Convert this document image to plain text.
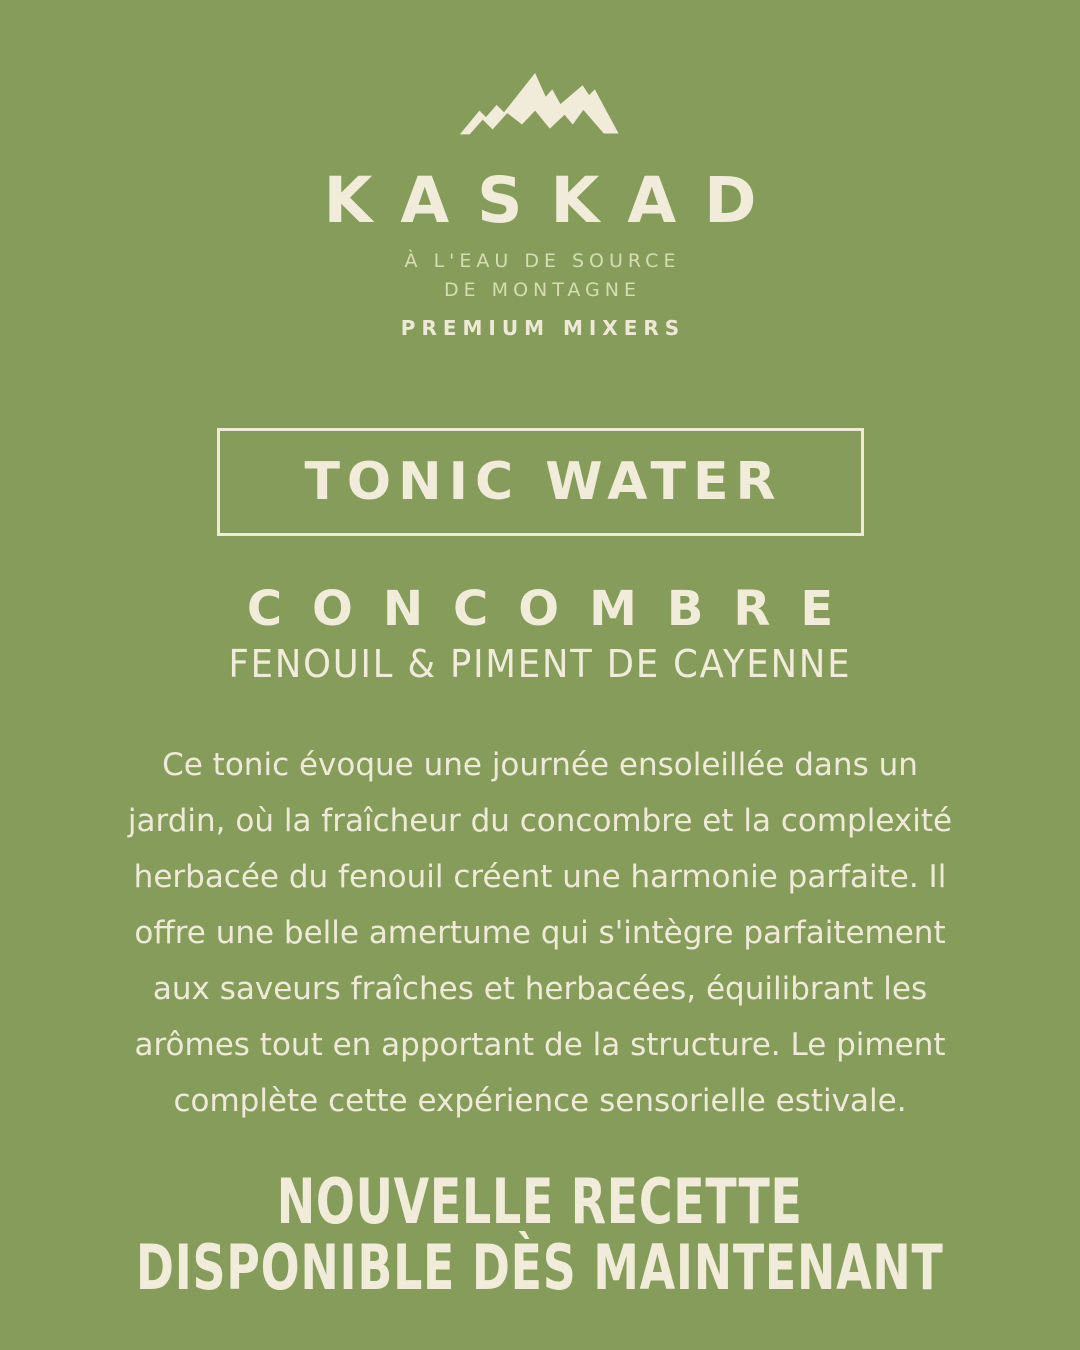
KASKAD
À L'EAU DE SOURCE
DE MONTAGNE
PREMIUM MIXERS
TONIC WATER
CONCOMBRE
FENOUIL & PIMENT DE CAYENNE
Ce tonic évoque une journée ensoleillée dans un jardin, où la fraîcheur du concombre et la complexité herbacée du fenouil créent une harmonie parfaite. Il offre une belle amertume qui s'intègre parfaitement aux saveurs fraîches et herbacées, équilibrant les arômes tout en apportant de la structure. Le piment complète cette expérience sensorielle estivale.
NOUVELLE RECETTE
DISPONIBLE DÈS MAINTENANT
